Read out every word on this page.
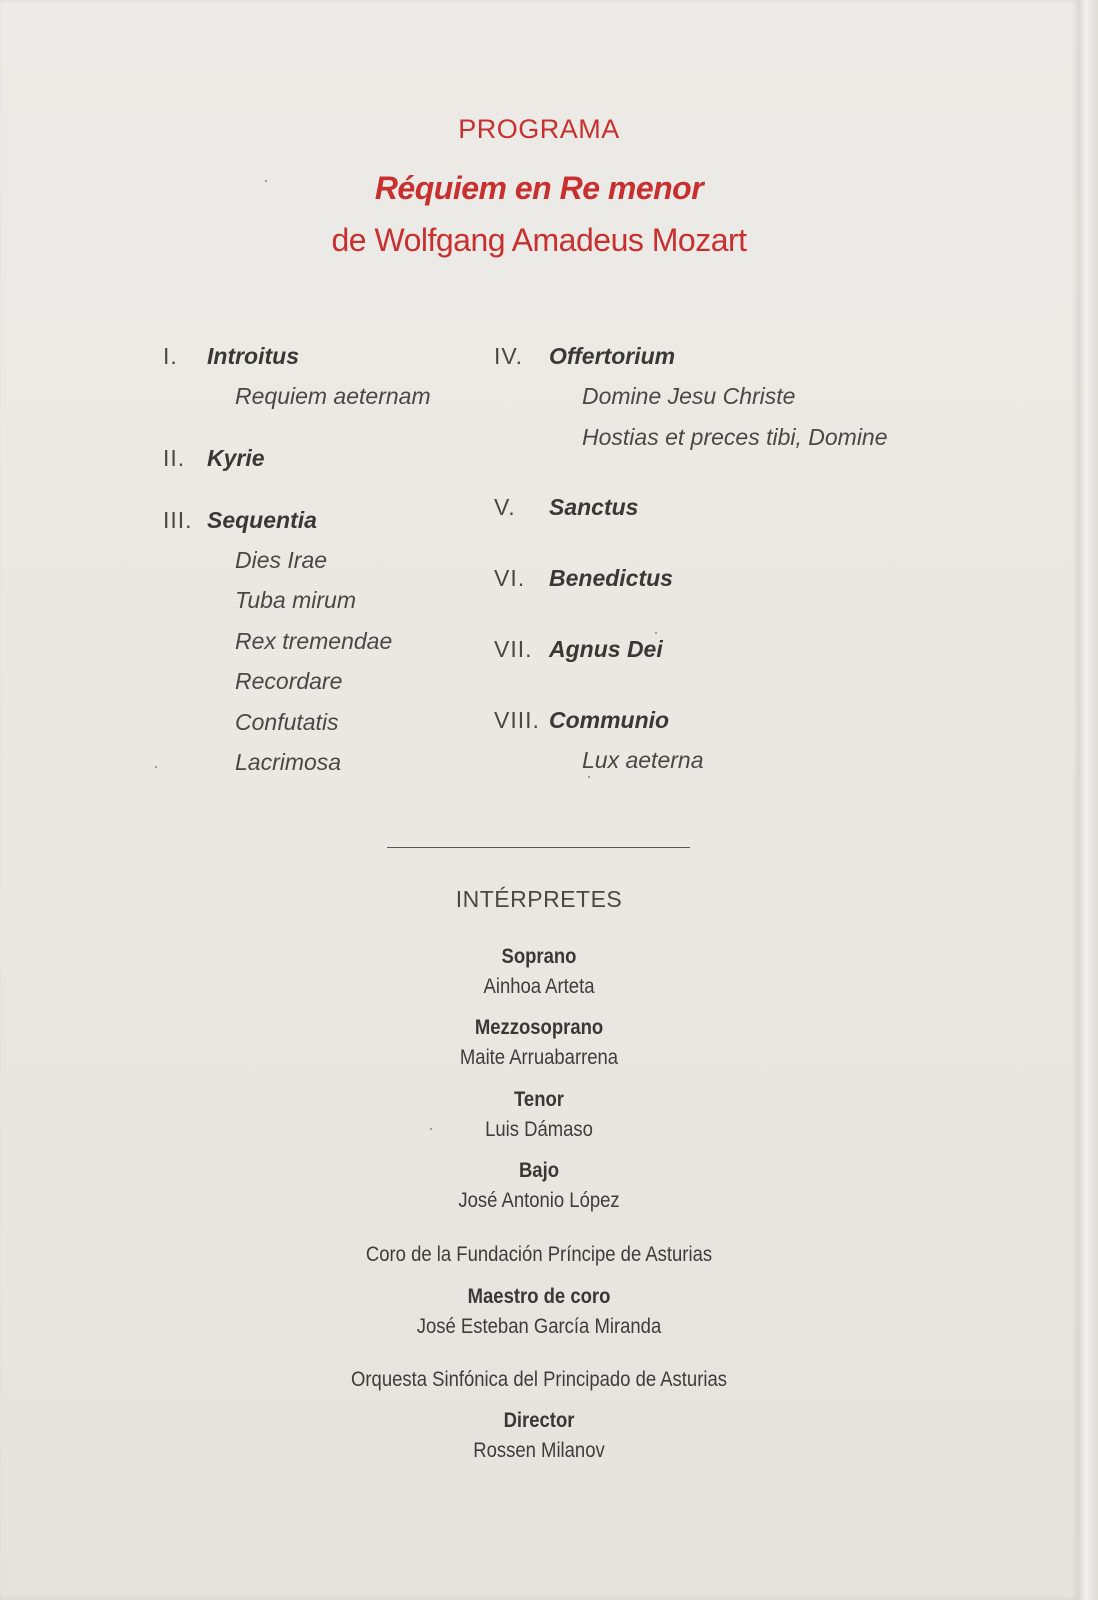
PROGRAMA
Réquiem en Re menor
de Wolfgang Amadeus Mozart
I. Introitus
Requiem aeternam
II. Kyrie
III. Sequentia
Dies Irae
Tuba mirum
Rex tremendae
Recordare
Confutatis
Lacrimosa
IV. Offertorium
Domine Jesu Christe
Hostias et preces tibi, Domine
V. Sanctus
VI. Benedictus
VII. Agnus Dei
VIII. Communio
Lux aeterna
INTÉRPRETES
Soprano
Ainhoa Arteta
Mezzosoprano
Maite Arruabarrena
Tenor
Luis Dámaso
Bajo
José Antonio López
Coro de la Fundación Príncipe de Asturias
Maestro de coro
José Esteban García Miranda
Orquesta Sinfónica del Principado de Asturias
Director
Rossen Milanov
